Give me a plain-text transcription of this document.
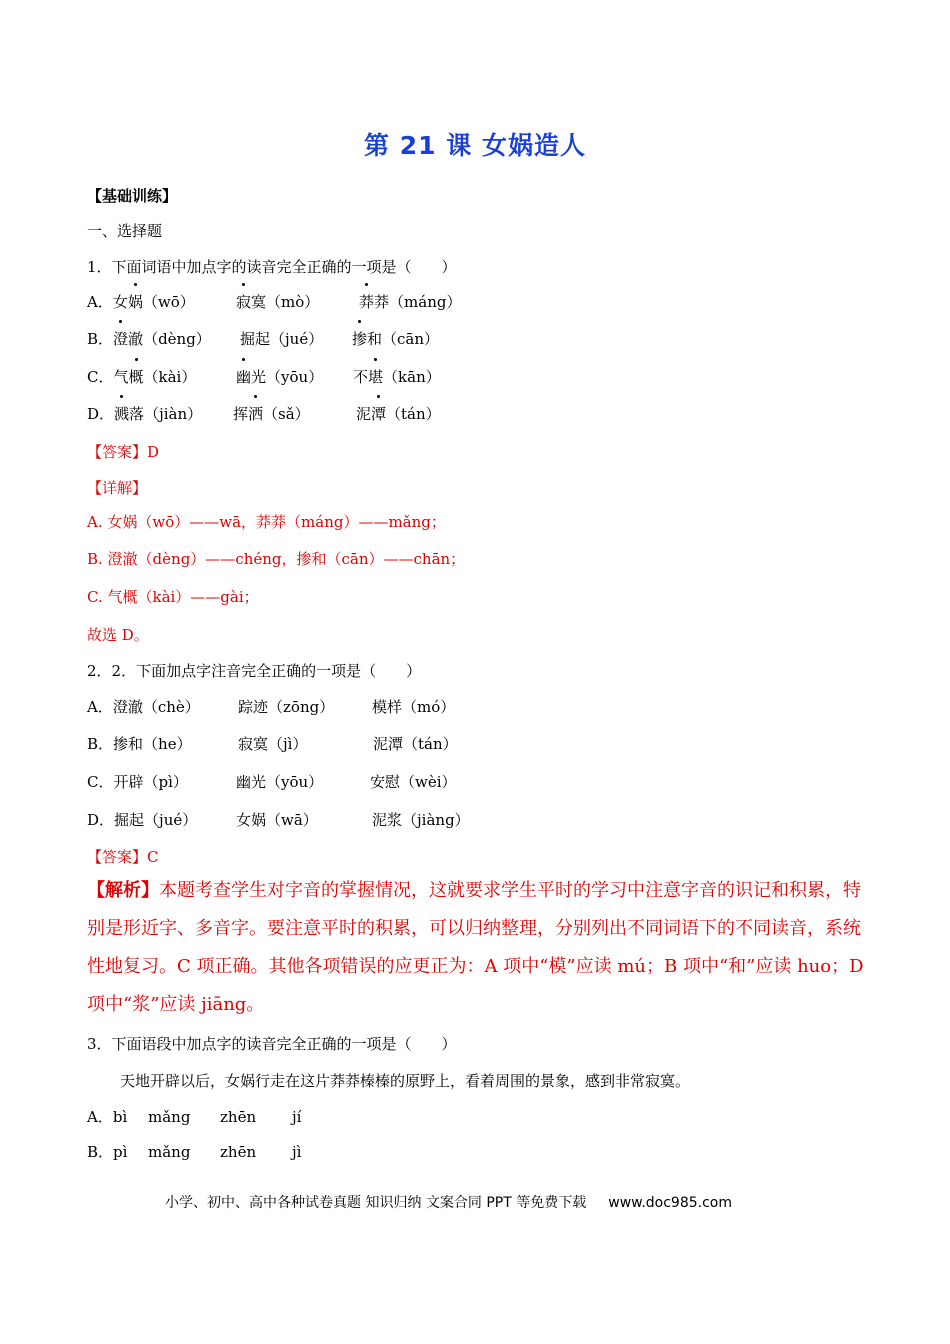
第 21 课 女娲造人
【基础训练】
一、选择题
1．下面词语中加点字的读音完全正确的一项是（　　）
A．女娲（wō）	寂寞（mò）	莽莽（máng）
B．澄澈（dèng） 掘起（jué） 掺和（cān）
C．气概（kài）	幽光（yōu） 不堪（kān）
D．溅落（jiàn） 挥洒（sǎ）	泥潭（tán）
【答案】D
【详解】
A. 女娲（wō）——wā，莽莽（máng）——mǎng；
B. 澄澈（dèng）——chéng，掺和（cān）——chān；
C. 气概（kài）——gài；
故选 D。
2．2．下面加点字注音完全正确的一项是（　　）
A．澄澈（chè）	踪迹（zōng）	模样（mó）
B．掺和（he）	寂寞（jì）	泥潭（tán）
C．开辟（pì）	幽光（yōu）	安慰（wèi）
D．掘起（jué）	女娲（wā）	泥浆（jiàng）
【答案】C
【解析】本题考查学生对字音的掌握情况，这就要求学生平时的学习中注意字音的识记和积累，特别是形近字、多音字。要注意平时的积累，可以归纳整理，分别列出不同词语下的不同读音，系统性地复习。C 项正确。其他各项错误的应更正为：A 项中“模”应读 mú；B 项中“和”应读 huo；D 项中“浆”应读 jiāng。
3．下面语段中加点字的读音完全正确的一项是（　　）
天地开辟以后，女娲行走在这片莽莽榛榛的原野上，看着周围的景象，感到非常寂寞。
A．bì mǎng zhēn jí
B．pì mǎng zhēn jì
小学、初中、高中各种试卷真题 知识归纳 文案合同 PPT 等免费下载 www.doc985.com
